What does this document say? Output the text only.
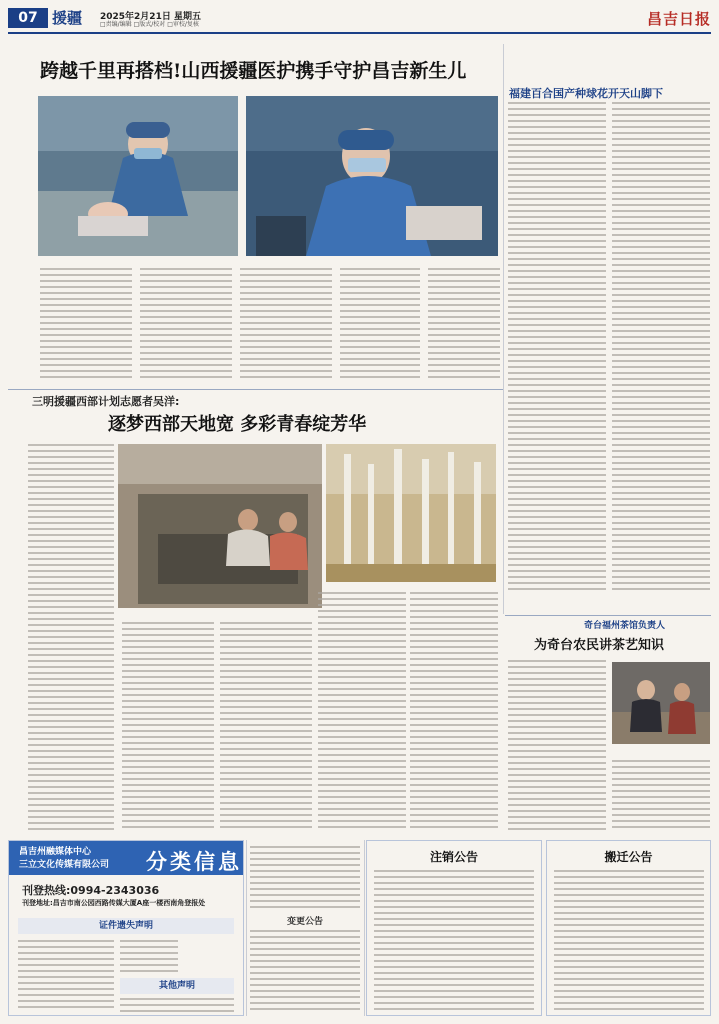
07 援疆 2025年2月21日 星期五
□责编/编辑 □版式/校对 □审校/复核	昌吉日报
跨越千里再搭档!山西援疆医护携手守护昌吉新生儿
福建百合国产种球花开天山脚下
三明援疆西部计划志愿者吴洋:
逐梦西部天地宽 多彩青春绽芳华
奇台福州茶馆负责人
为奇台农民讲茶艺知识
昌吉州融媒体中心
三立文化传媒有限公司 分类信息
刊登热线:0994-2343036
刊登地址:昌吉市南公园西路传媒大厦A座一楼西南角登报处
证件遗失声明
其他声明
变更公告
注销公告	搬迁公告
